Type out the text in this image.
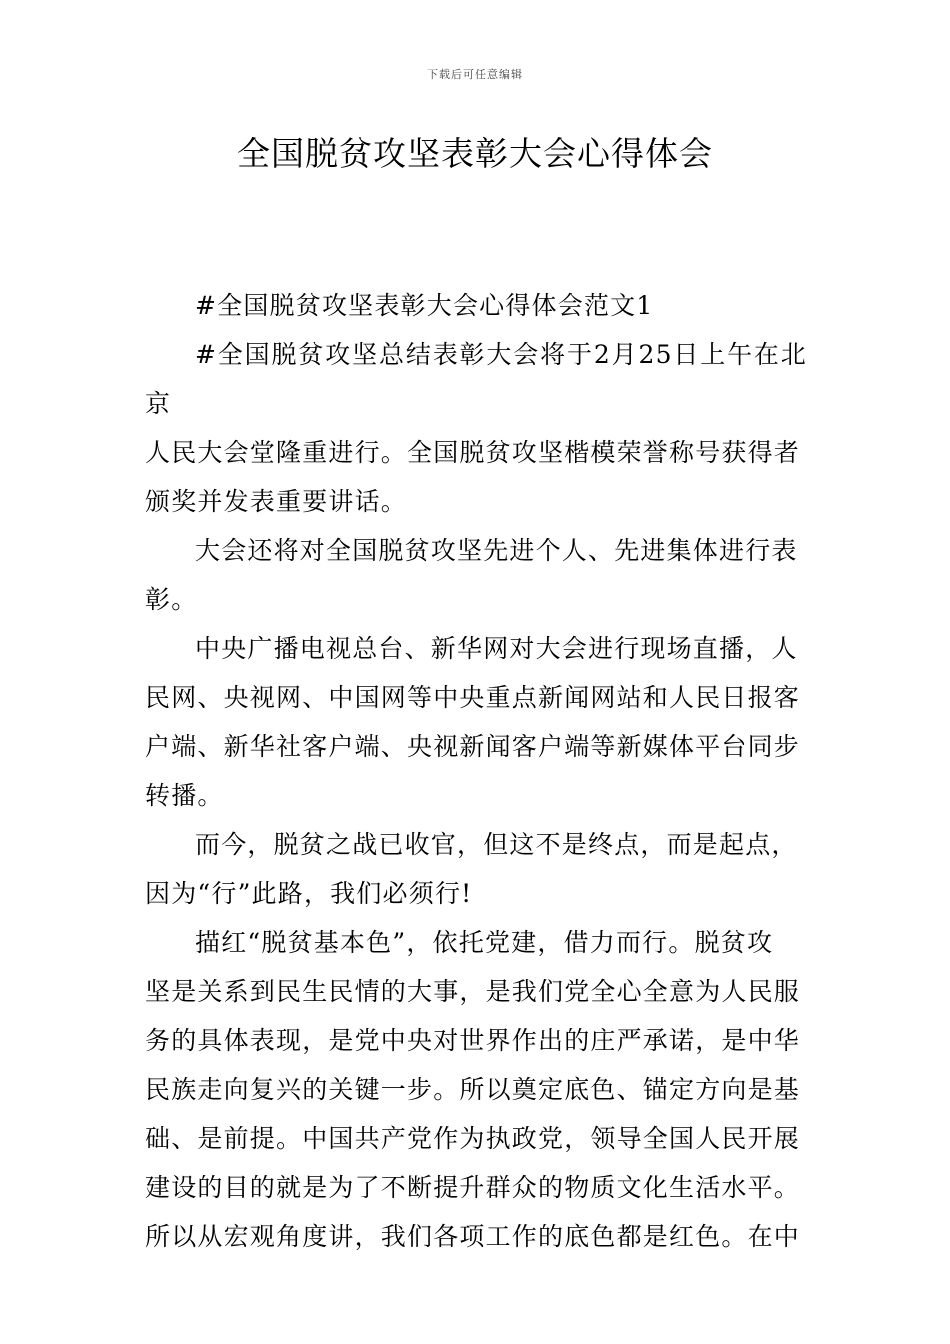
下载后可任意编辑
全国脱贫攻坚表彰大会心得体会

#全国脱贫攻坚表彰大会心得体会范文1

#全国脱贫攻坚总结表彰大会将于2月25日上午在北京
人民大会堂隆重进行。全国脱贫攻坚楷模荣誉称号获得者
颁奖并发表重要讲话。

大会还将对全国脱贫攻坚先进个人、先进集体进行表
彰。

中央广播电视总台、新华网对大会进行现场直播，人
民网、央视网、中国网等中央重点新闻网站和人民日报客
户端、新华社客户端、央视新闻客户端等新媒体平台同步
转播。

而今，脱贫之战已收官，但这不是终点，而是起点，
因为“行”此路，我们必须行!

描红“脱贫基本色”，依托党建，借力而行。脱贫攻
坚是关系到民生民情的大事，是我们党全心全意为人民服
务的具体表现，是党中央对世界作出的庄严承诺，是中华
民族走向复兴的关键一步。所以奠定底色、锚定方向是基
础、是前提。中国共产党作为执政党，领导全国人民开展
建设的目的就是为了不断提升群众的物质文化生活水平。
所以从宏观角度讲，我们各项工作的底色都是红色。在中
